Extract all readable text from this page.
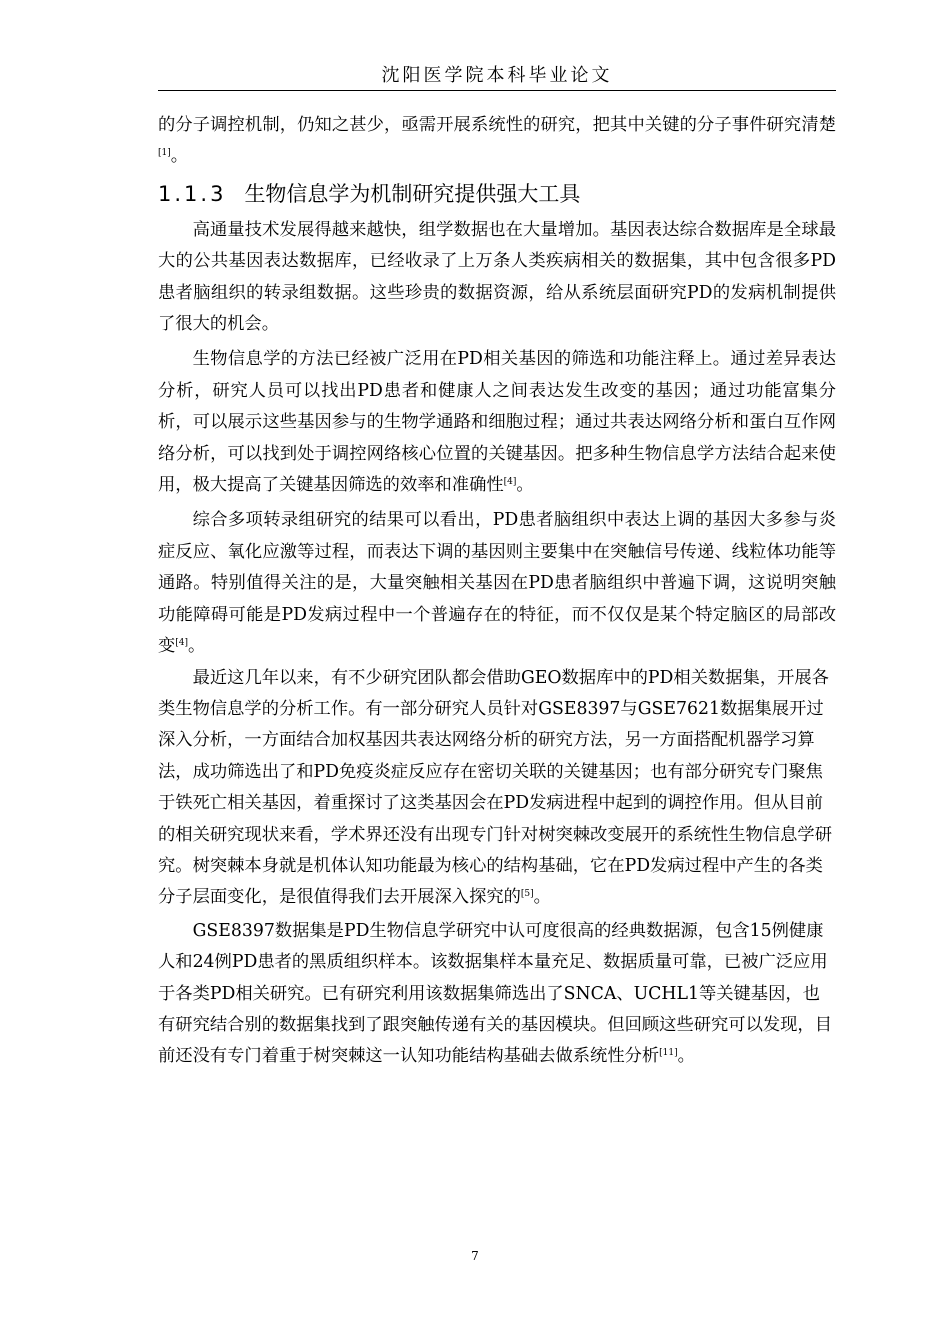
沈阳医学院本科毕业论文

的分子调控机制，仍知之甚少，亟需开展系统性的研究，把其中关键的分子事件研究清楚[1]。

1.1.3 生物信息学为机制研究提供强大工具

高通量技术发展得越来越快，组学数据也在大量增加。基因表达综合数据库是全球最大的公共基因表达数据库，已经收录了上万条人类疾病相关的数据集，其中包含很多PD患者脑组织的转录组数据。这些珍贵的数据资源，给从系统层面研究PD的发病机制提供了很大的机会。

生物信息学的方法已经被广泛用在PD相关基因的筛选和功能注释上。通过差异表达分析，研究人员可以找出PD患者和健康人之间表达发生改变的基因；通过功能富集分析，可以展示这些基因参与的生物学通路和细胞过程；通过共表达网络分析和蛋白互作网络分析，可以找到处于调控网络核心位置的关键基因。把多种生物信息学方法结合起来使用，极大提高了关键基因筛选的效率和准确性[4]。

综合多项转录组研究的结果可以看出，PD患者脑组织中表达上调的基因大多参与炎症反应、氧化应激等过程，而表达下调的基因则主要集中在突触信号传递、线粒体功能等通路。特别值得关注的是，大量突触相关基因在PD患者脑组织中普遍下调，这说明突触功能障碍可能是PD发病过程中一个普遍存在的特征，而不仅仅是某个特定脑区的局部改变[4]。

最近这几年以来，有不少研究团队都会借助GEO数据库中的PD相关数据集，开展各类生物信息学的分析工作。有一部分研究人员针对GSE8397与GSE7621数据集展开过深入分析，一方面结合加权基因共表达网络分析的研究方法，另一方面搭配机器学习算法，成功筛选出了和PD免疫炎症反应存在密切关联的关键基因；也有部分研究专门聚焦于铁死亡相关基因，着重探讨了这类基因会在PD发病进程中起到的调控作用。但从目前的相关研究现状来看，学术界还没有出现专门针对树突棘改变展开的系统性生物信息学研究。树突棘本身就是机体认知功能最为核心的结构基础，它在PD发病过程中产生的各类分子层面变化，是很值得我们去开展深入探究的[5]。

GSE8397数据集是PD生物信息学研究中认可度很高的经典数据源，包含15例健康人和24例PD患者的黑质组织样本。该数据集样本量充足、数据质量可靠，已被广泛应用于各类PD相关研究。已有研究利用该数据集筛选出了SNCA、UCHL1等关键基因，也有研究结合别的数据集找到了跟突触传递有关的基因模块。但回顾这些研究可以发现，目前还没有专门着重于树突棘这一认知功能结构基础去做系统性分析[11]。

7
